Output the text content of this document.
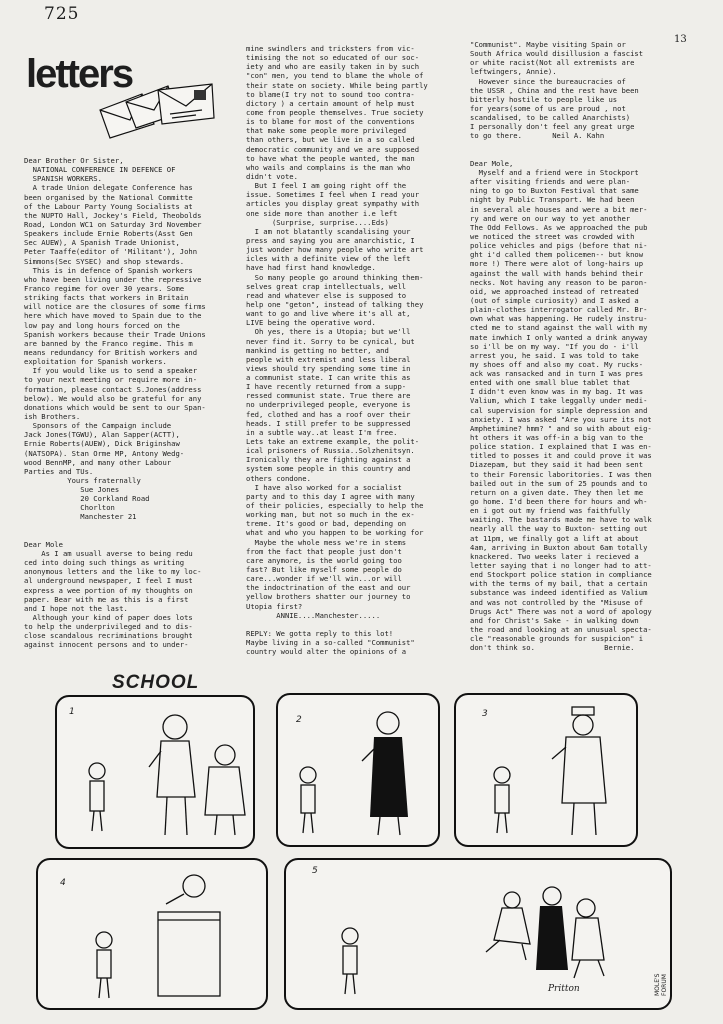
725
13
letters
Dear Brother Or Sister,
NATIONAL CONFERENCE IN DEFENCE OF
SPANISH WORKERS.
A trade Union delegate Conference has
been organised by the National Committe
of the Labour Party Young Socialists at
the NUPTO Hall, Jockey's Field, Theobolds
Road, London WC1 on Saturday 3rd November
Speakers include Ernie Roberts(Asst Gen
Sec AUEW), A Spanish Trade Unionist,
Peter Taaffe(editor of 'Militant'), John
Simmons(Sec SYSEC) and shop stewards.
This is in defence of Spanish workers
who have been living under the repressive
Franco regime for over 30 years. Some
striking facts that workers in Britain
will notice are the closures of some firms
here which have moved to Spain due to the
low pay and long hours forced on the
Spanish workers because their Trade Unions
are banned by the Franco regime. This m
means redundancy for British workers and
exploitation for Spanish workers.
If you would like us to send a speaker
to your next meeting or require more in-
formation, please contact S.Jones(address
below). We would also be grateful for any
donations which would be sent to our Span-
ish Brothers.
Sponsors of the Campaign include
Jack Jones(TGWU), Alan Sapper(ACTT),
Ernie Roberts(AUEW), Dick Briginshaw
(NATSOPA). Stan Orme MP, Antony Wedg-
wood BennMP, and many other Labour
Parties and TUs.
Yours fraternally
Sue Jones
20 Corkland Road
Chorlton
Manchester 21
Dear Mole
As I am usuall averse to being redu
ced into doing such things as writing
anonymous letters and the like to my loc-
al underground newspaper, I feel I must
express a wee portion of my thoughts on
paper. Bear with me as this is a first
and I hope not the last.
Although your kind of paper does lots
to help the underprivileged and to dis-
close scandalous recriminations brought
against innocent persons and to under-
mine swindlers and tricksters from vic-
timising the not so educated of our soc-
iety and who are easily taken in by such
"con" men, you tend to blame the whole of
their state on society. While being partly
to blame(I try not to sound too contra-
dictory ) a certain amount of help must
come from people themselves. True society
is to blame for most of the conventions
that make some people more privileged
than others, but we live in a so called
democratic community and we are supposed
to have what the people wanted, the man
who wails and complains is the man who
didn't vote.
But I feel I am going right off the
issue. Sometimes I feel when I read your
articles you display great sympathy with
one side more than another i.e left
(Surprise, surprise....Eds)
I am not blatantly scandalising your
press and saying you are anarchistic, I
just wonder how many people who write art
icles with a definite view of the left
have had first hand knowledge.
So many people go around thinking them-
selves great crap intellectuals, well
read and whatever else is supposed to
help one "geton", instead of talking they
want to go and live where it's all at,
LIVE being the operative word.
Oh yes, there is a Utopia; but we'll
never find it. Sorry to be cynical, but
mankind is getting no better, and
people with extremist and less liberal
views should try spending some time in
a communist state. I can write this as
I have recently returned from a supp-
ressed communist state. True there are
no underprivileged people, everyone is
fed, clothed and has a roof over their
heads. I still prefer to be suppressed
in a subtle way..at least I'm free.
Lets take an extreme example, the polit-
ical prisoners of Russia..Solzhenitsyn.
Ironically they are fighting against a
system some people in this country and
others condone.
I have also worked for a socialist
party and to this day I agree with many
of their policies, especially to help the
working man, but not so much in the ex-
treme. It's good or bad, depending on
what and who you happen to be working for
Maybe the whole mess we're in stems
from the fact that people just don't
care anymore, is the world going too
fast? But like myself some people do
care...wonder if we'll win...or will
the indoctrination of the east and our
yellow brothers shatter our journey to
Utopia first?
ANNIE....Manchester.....
REPLY: We gotta reply to this lot!
Maybe living in a so-called "Communist"
country would alter the opinions of a
"Communist". Maybe visiting Spain or
South Africa would disillusion a fascist
or white racist(Not all extremists are
leftwingers, Annie).
However since the bureaucracies of
the USSR , China and the rest have been
bitterly hostile to people like us
for years(some of us are proud , not
scandalised, to be called Anarchists)
I personally don't feel any great urge
to go there.       Neil A. Kahn
Dear Mole,
Myself and a friend were in Stockport
after visiting friends and were plan-
ning to go to Buxton Festival that same
night by Public Transport. We had been
in several ale houses and were a bit mer-
ry and were on our way to yet another
The Odd Fellows. As we approached the pub
we noticed the street was crowded with
police vehicles and pigs (before that ni-
ght i'd called them policemen-- but know
more !) There were alot of long-hairs up
against the wall with hands behind their
necks. Not having any reason to be paron-
oid, we approached instead of retreated
(out of simple curiosity) and I asked a
plain-clothes interrogator called Mr. Br-
own what was happening. He rudely instru-
cted me to stand against the wall with my
mate inwhich I only wanted a drink anyway
so i'll be on my way. "If you do - i'll
arrest you, he said. I was told to take
my shoes off and also my coat. My rucks-
ack was ransacked and in turn I was pres
ented with one small blue tablet that
I didn't even know was in my bag. It was
Valium, which I take leggally under medi-
cal supervision for simple depression and
anxiety. I was asked "Are you sure its not
Amphetimine? hmm? " and so with about eig-
ht others it was off-in a big van to the
police station. I explained that I was en-
titled to posses it and could prove it was
Diazepam, but they said it had been sent
to their Forensic laboritories. I was then
bailed out in the sum of 25 pounds and to
return on a given date. They then let me
go home. I'd been there for hours and wh-
en i got out my friend was faithfully
waiting. The bastards made me have to walk
nearly all the way to Buxton- setting out
at 11pm, we finally got a lift at about
4am, arriving in Buxton about 6am totally
knackered. Two weeks later i recieved a
letter saying that i no longer had to att-
end Stockport police station in compliance
with the terms of my bail, that a certain
substance was indeed identified as Valium
and was not controlled by the "Misuse of
Drugs Act" There was not a word of apology
and for Christ's Sake - in walking down
the road and looking at an unusual specta-
cle "reasonable grounds for suspicion" i
don't think so.                Bernie.
SCHOOL
1
2
3
4
5
Pritton	MOLE'S FORUM
